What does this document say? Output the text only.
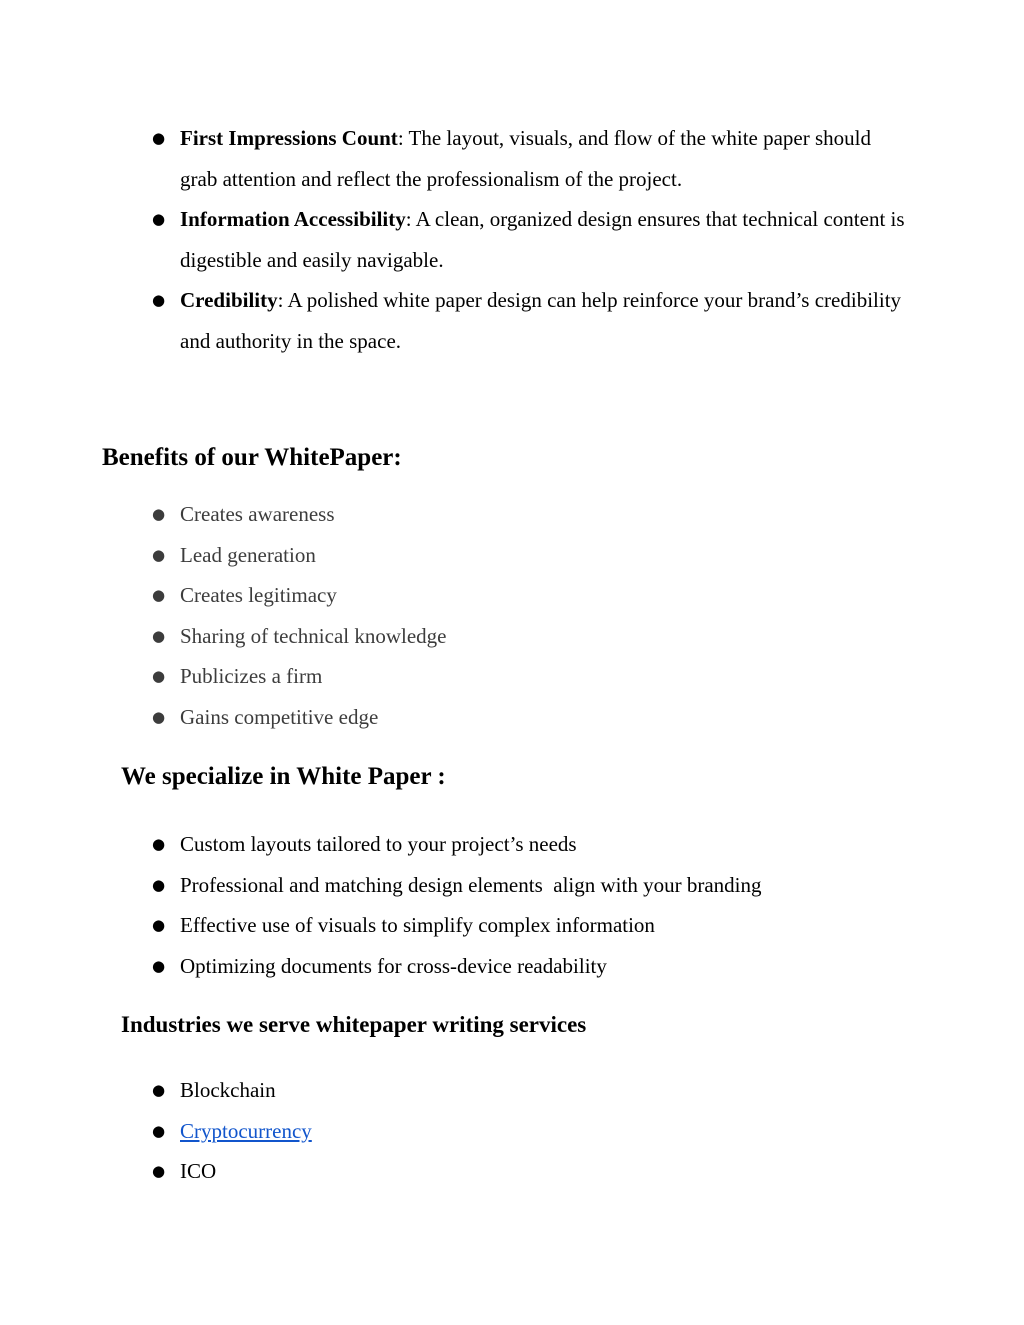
● First Impressions Count: The layout, visuals, and flow of the white paper should grab attention and reflect the professionalism of the project.
● Information Accessibility: A clean, organized design ensures that technical content is digestible and easily navigable.
● Credibility: A polished white paper design can help reinforce your brand’s credibility and authority in the space.
Benefits of our WhitePaper:
● Creates awareness
● Lead generation
● Creates legitimacy
● Sharing of technical knowledge
● Publicizes a firm
● Gains competitive edge
We specialize in White Paper :
● Custom layouts tailored to your project’s needs
● Professional and matching design elements  align with your branding
● Effective use of visuals to simplify complex information
● Optimizing documents for cross-device readability
Industries we serve whitepaper writing services
● Blockchain
● Cryptocurrency
● ICO
